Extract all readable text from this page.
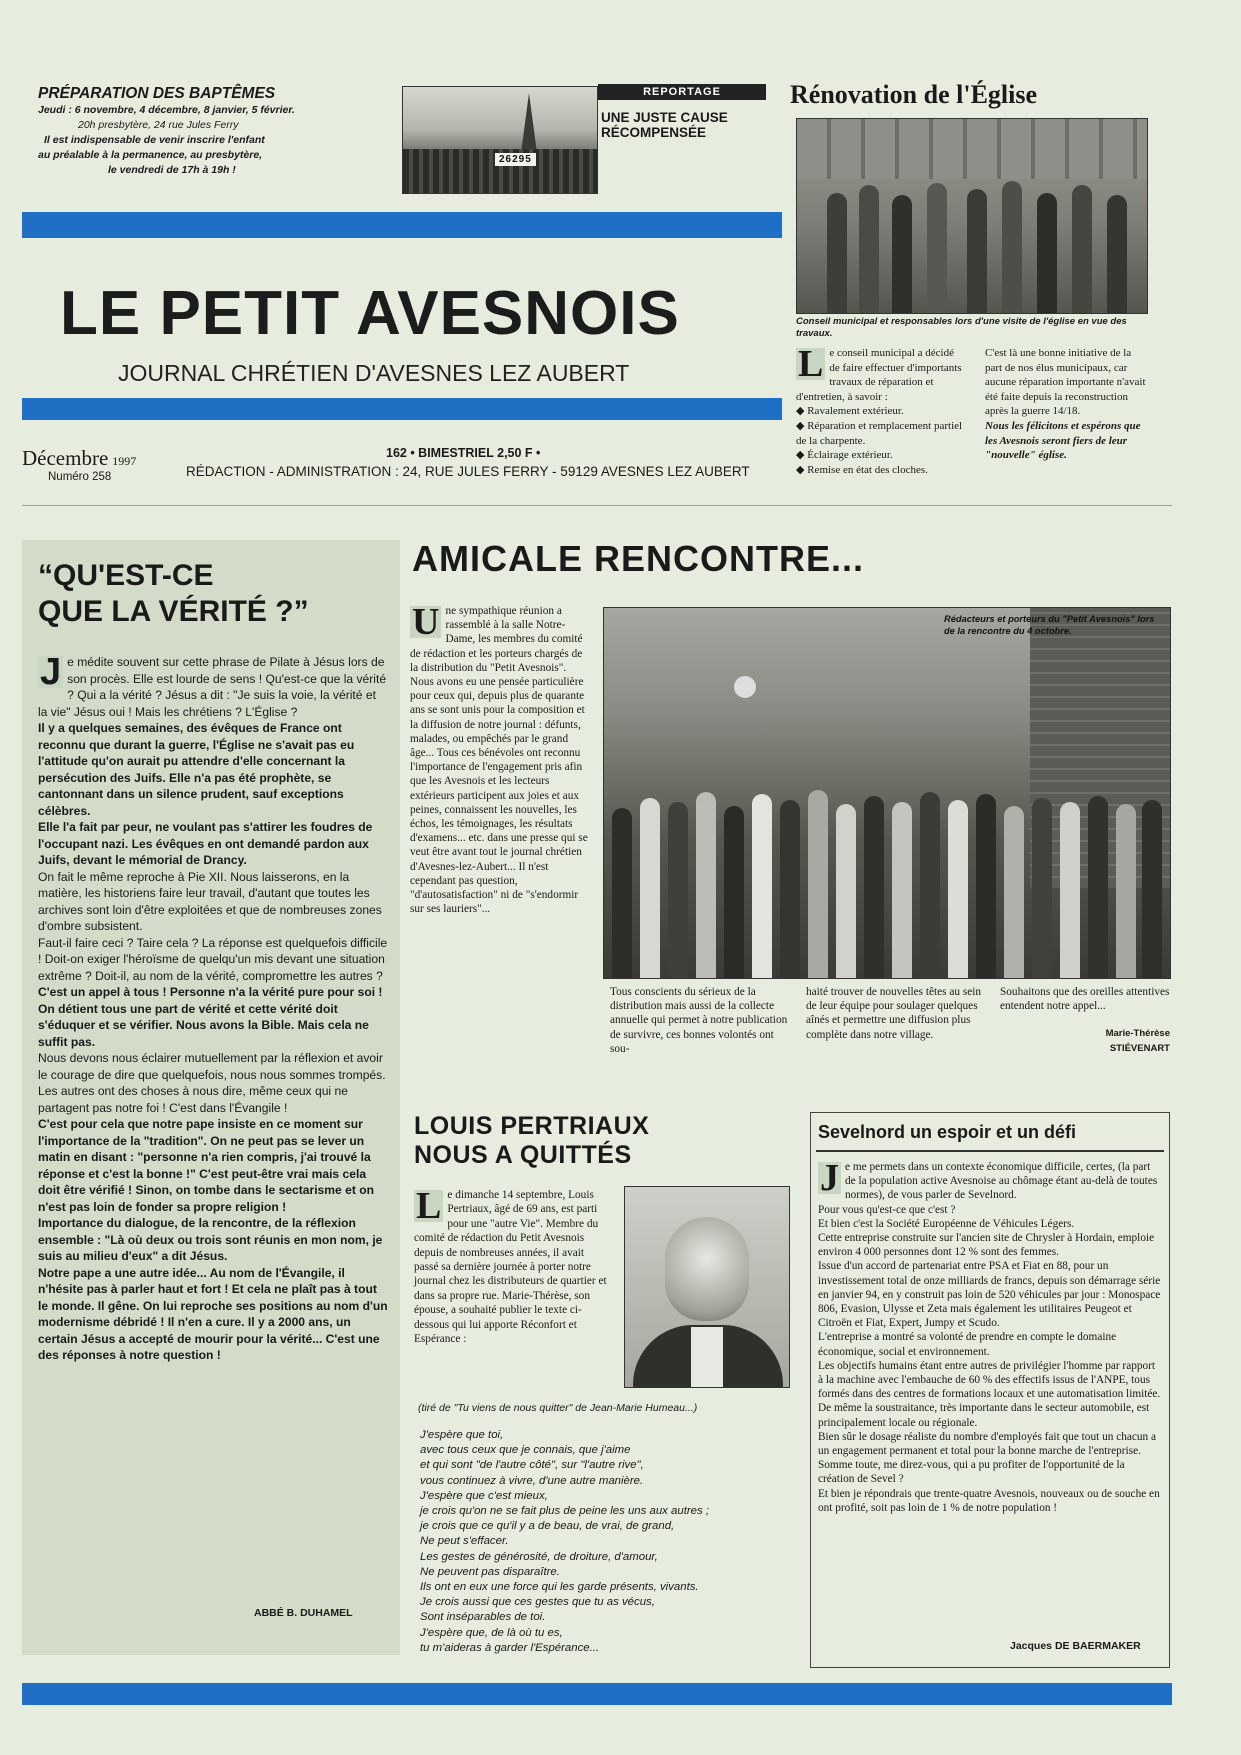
PRÉPARATION DES BAPTÊMES
Jeudi : 6 novembre, 4 décembre, 8 janvier, 5 février.
20h presbytère, 24 rue Jules Ferry
Il est indispensable de venir inscrire l'enfant
au préalable à la permanence, au presbytère,
le vendredi de 17h à 19h !
26295
REPORTAGE
UNE JUSTE CAUSE
RÉCOMPENSÉE
Rénovation de l'Église
Conseil municipal et responsables lors d'une visite de l'église en vue des travaux.

L e conseil municipal a décidé de faire effectuer d'importants travaux de réparation et d'entretien, à savoir :

◆ Ravalement extérieur.

◆ Réparation et remplacement partiel de la charpente.

◆ Éclairage extérieur.

◆ Remise en état des cloches.

C'est là une bonne initiative de la part de nos élus municipaux, car aucune réparation importante n'avait été faite depuis la reconstruction après la guerre 14/18.

Nous les félicitons et espérons que les Avesnois seront fiers de leur "nouvelle" église.

LE PETIT AVESNOIS
JOURNAL CHRÉTIEN D'AVESNES LEZ AUBERT
Décembre 1997
Numéro 258
162 • BIMESTRIEL 2,50 F •
RÉDACTION - ADMINISTRATION : 24, RUE JULES FERRY - 59129 AVESNES LEZ AUBERT
“QU'EST-CE
QUE LA VÉRITÉ ?”

J e médite souvent sur cette phrase de Pilate à Jésus lors de son procès. Elle est lourde de sens ! Qu'est-ce que la vérité ? Qui a la vérité ? Jésus a dit : "Je suis la voie, la vérité et la vie" Jésus oui ! Mais les chrétiens ? L'Église ?

Il y a quelques semaines, des évêques de France ont reconnu que durant la guerre, l'Église ne s'avait pas eu l'attitude qu'on aurait pu attendre d'elle concernant la persécution des Juifs. Elle n'a pas été prophète, se cantonnant dans un silence prudent, sauf exceptions célèbres.

Elle l'a fait par peur, ne voulant pas s'attirer les foudres de l'occupant nazi. Les évêques en ont demandé pardon aux Juifs, devant le mémorial de Drancy.

On fait le même reproche à Pie XII. Nous laisserons, en la matière, les historiens faire leur travail, d'autant que toutes les archives sont loin d'être exploitées et que de nombreuses zones d'ombre subsistent.

Faut-il faire ceci ? Taire cela ? La réponse est quelquefois difficile ! Doit-on exiger l'héroïsme de quelqu'un mis devant une situation extrême ? Doit-il, au nom de la vérité, compromettre les autres ?

C'est un appel à tous ! Personne n'a la vérité pure pour soi ! On détient tous une part de vérité et cette vérité doit s'éduquer et se vérifier. Nous avons la Bible. Mais cela ne suffit pas.

Nous devons nous éclairer mutuellement par la réflexion et avoir le courage de dire que quelquefois, nous nous sommes trompés. Les autres ont des choses à nous dire, même ceux qui ne partagent pas notre foi ! C'est dans l'Évangile !

C'est pour cela que notre pape insiste en ce moment sur l'importance de la "tradition". On ne peut pas se lever un matin en disant : "personne n'a rien compris, j'ai trouvé la réponse et c'est la bonne !" C'est peut-être vrai mais cela doit être vérifié ! Sinon, on tombe dans le sectarisme et on n'est pas loin de fonder sa propre religion !

Importance du dialogue, de la rencontre, de la réflexion ensemble : "Là où deux ou trois sont réunis en mon nom, je suis au milieu d'eux" a dit Jésus.

Notre pape a une autre idée... Au nom de l'Évangile, il n'hésite pas à parler haut et fort ! Et cela ne plaît pas à tout le monde. Il gêne. On lui reproche ses positions au nom d'un modernisme débridé ! Il n'en a cure. Il y a 2000 ans, un certain Jésus a accepté de mourir pour la vérité... C'est une des réponses à notre question !

ABBÉ B. DUHAMEL
AMICALE RENCONTRE...

U ne sympathique réunion a rassemblé à la salle Notre-Dame, les membres du comité de rédaction et les porteurs chargés de la distribution du "Petit Avesnois". Nous avons eu une pensée particulière pour ceux qui, depuis plus de quarante ans se sont unis pour la composition et la diffusion de notre journal : défunts, malades, ou empêchés par le grand âge... Tous ces bénévoles ont reconnu l'importance de l'engagement pris afin que les Avesnois et les lecteurs extérieurs participent aux joies et aux peines, connaissent les nouvelles, les échos, les témoignages, les résultats d'examens... etc. dans une presse qui se veut être avant tout le journal chrétien d'Avesnes-lez-Aubert... Il n'est cependant pas question, "d'autosatisfaction" ni de "s'endormir sur ses lauriers"...

Rédacteurs et porteurs du "Petit Avesnois" lors de la rencontre du 4 octobre.

Tous conscients du sérieux de la distribution mais aussi de la collecte annuelle qui permet à notre publication de survivre, ces bonnes volontés ont sou-

haité trouver de nouvelles têtes au sein de leur équipe pour soulager quelques aînés et permettre une diffusion plus complète dans notre village.

Souhaitons que des oreilles attentives entendent notre appel...

Marie-Thérèse
STIÉVENART
LOUIS PERTRIAUX
NOUS A QUITTÉS

L e dimanche 14 septembre, Louis Pertriaux, âgé de 69 ans, est parti pour une "autre Vie". Membre du comité de rédaction du Petit Avesnois depuis de nombreuses années, il avait passé sa dernière journée à porter notre journal chez les distributeurs de quartier et dans sa propre rue. Marie-Thérèse, son épouse, a souhaité publier le texte ci-dessous qui lui apporte Réconfort et Espérance :

(tiré de "Tu viens de nous quitter" de Jean-Marie Humeau...)

J'espère que toi,

avec tous ceux que je connais, que j'aime

et qui sont "de l'autre côté", sur "l'autre rive",

vous continuez à vivre, d'une autre manière.

J'espère que c'est mieux,

je crois qu'on ne se fait plus de peine les uns aux autres ;

je crois que ce qu'il y a de beau, de vrai, de grand,

Ne peut s'effacer.

Les gestes de générosité, de droiture, d'amour,

Ne peuvent pas disparaître.

Ils ont en eux une force qui les garde présents, vivants.

Je crois aussi que ces gestes que tu as vécus,

Sont inséparables de toi.

J'espère que, de là où tu es,

tu m'aideras à garder l'Espérance...

Sevelnord un espoir et un défi

J e me permets dans un contexte économique difficile, certes, (la part de la population active Avesnoise au chômage étant au-delà de toutes normes), de vous parler de Sevelnord.

Pour vous qu'est-ce que c'est ?

Et bien c'est la Société Européenne de Véhicules Légers.

Cette entreprise construite sur l'ancien site de Chrysler à Hordain, emploie environ 4 000 personnes dont 12 % sont des femmes.

Issue d'un accord de partenariat entre PSA et Fiat en 88, pour un investissement total de onze milliards de francs, depuis son démarrage série en janvier 94, en y construit pas loin de 520 véhicules par jour : Monospace 806, Evasion, Ulysse et Zeta mais également les utilitaires Peugeot et Citroën et Fiat, Expert, Jumpy et Scudo.

L'entreprise a montré sa volonté de prendre en compte le domaine économique, social et environnement.

Les objectifs humains étant entre autres de privilégier l'homme par rapport à la machine avec l'embauche de 60 % des effectifs issus de l'ANPE, tous formés dans des centres de formations locaux et une automatisation limitée. De même la soustraitance, très importante dans le secteur automobile, est principalement locale ou régionale.

Bien sûr le dosage réaliste du nombre d'employés fait que tout un chacun a un engagement permanent et total pour la bonne marche de l'entreprise.

Somme toute, me direz-vous, qui a pu profiter de l'opportunité de la création de Sevel ?

Et bien je répondrais que trente-quatre Avesnois, nouveaux ou de souche en ont profité, soit pas loin de 1 % de notre population !

Jacques DE BAERMAKER
